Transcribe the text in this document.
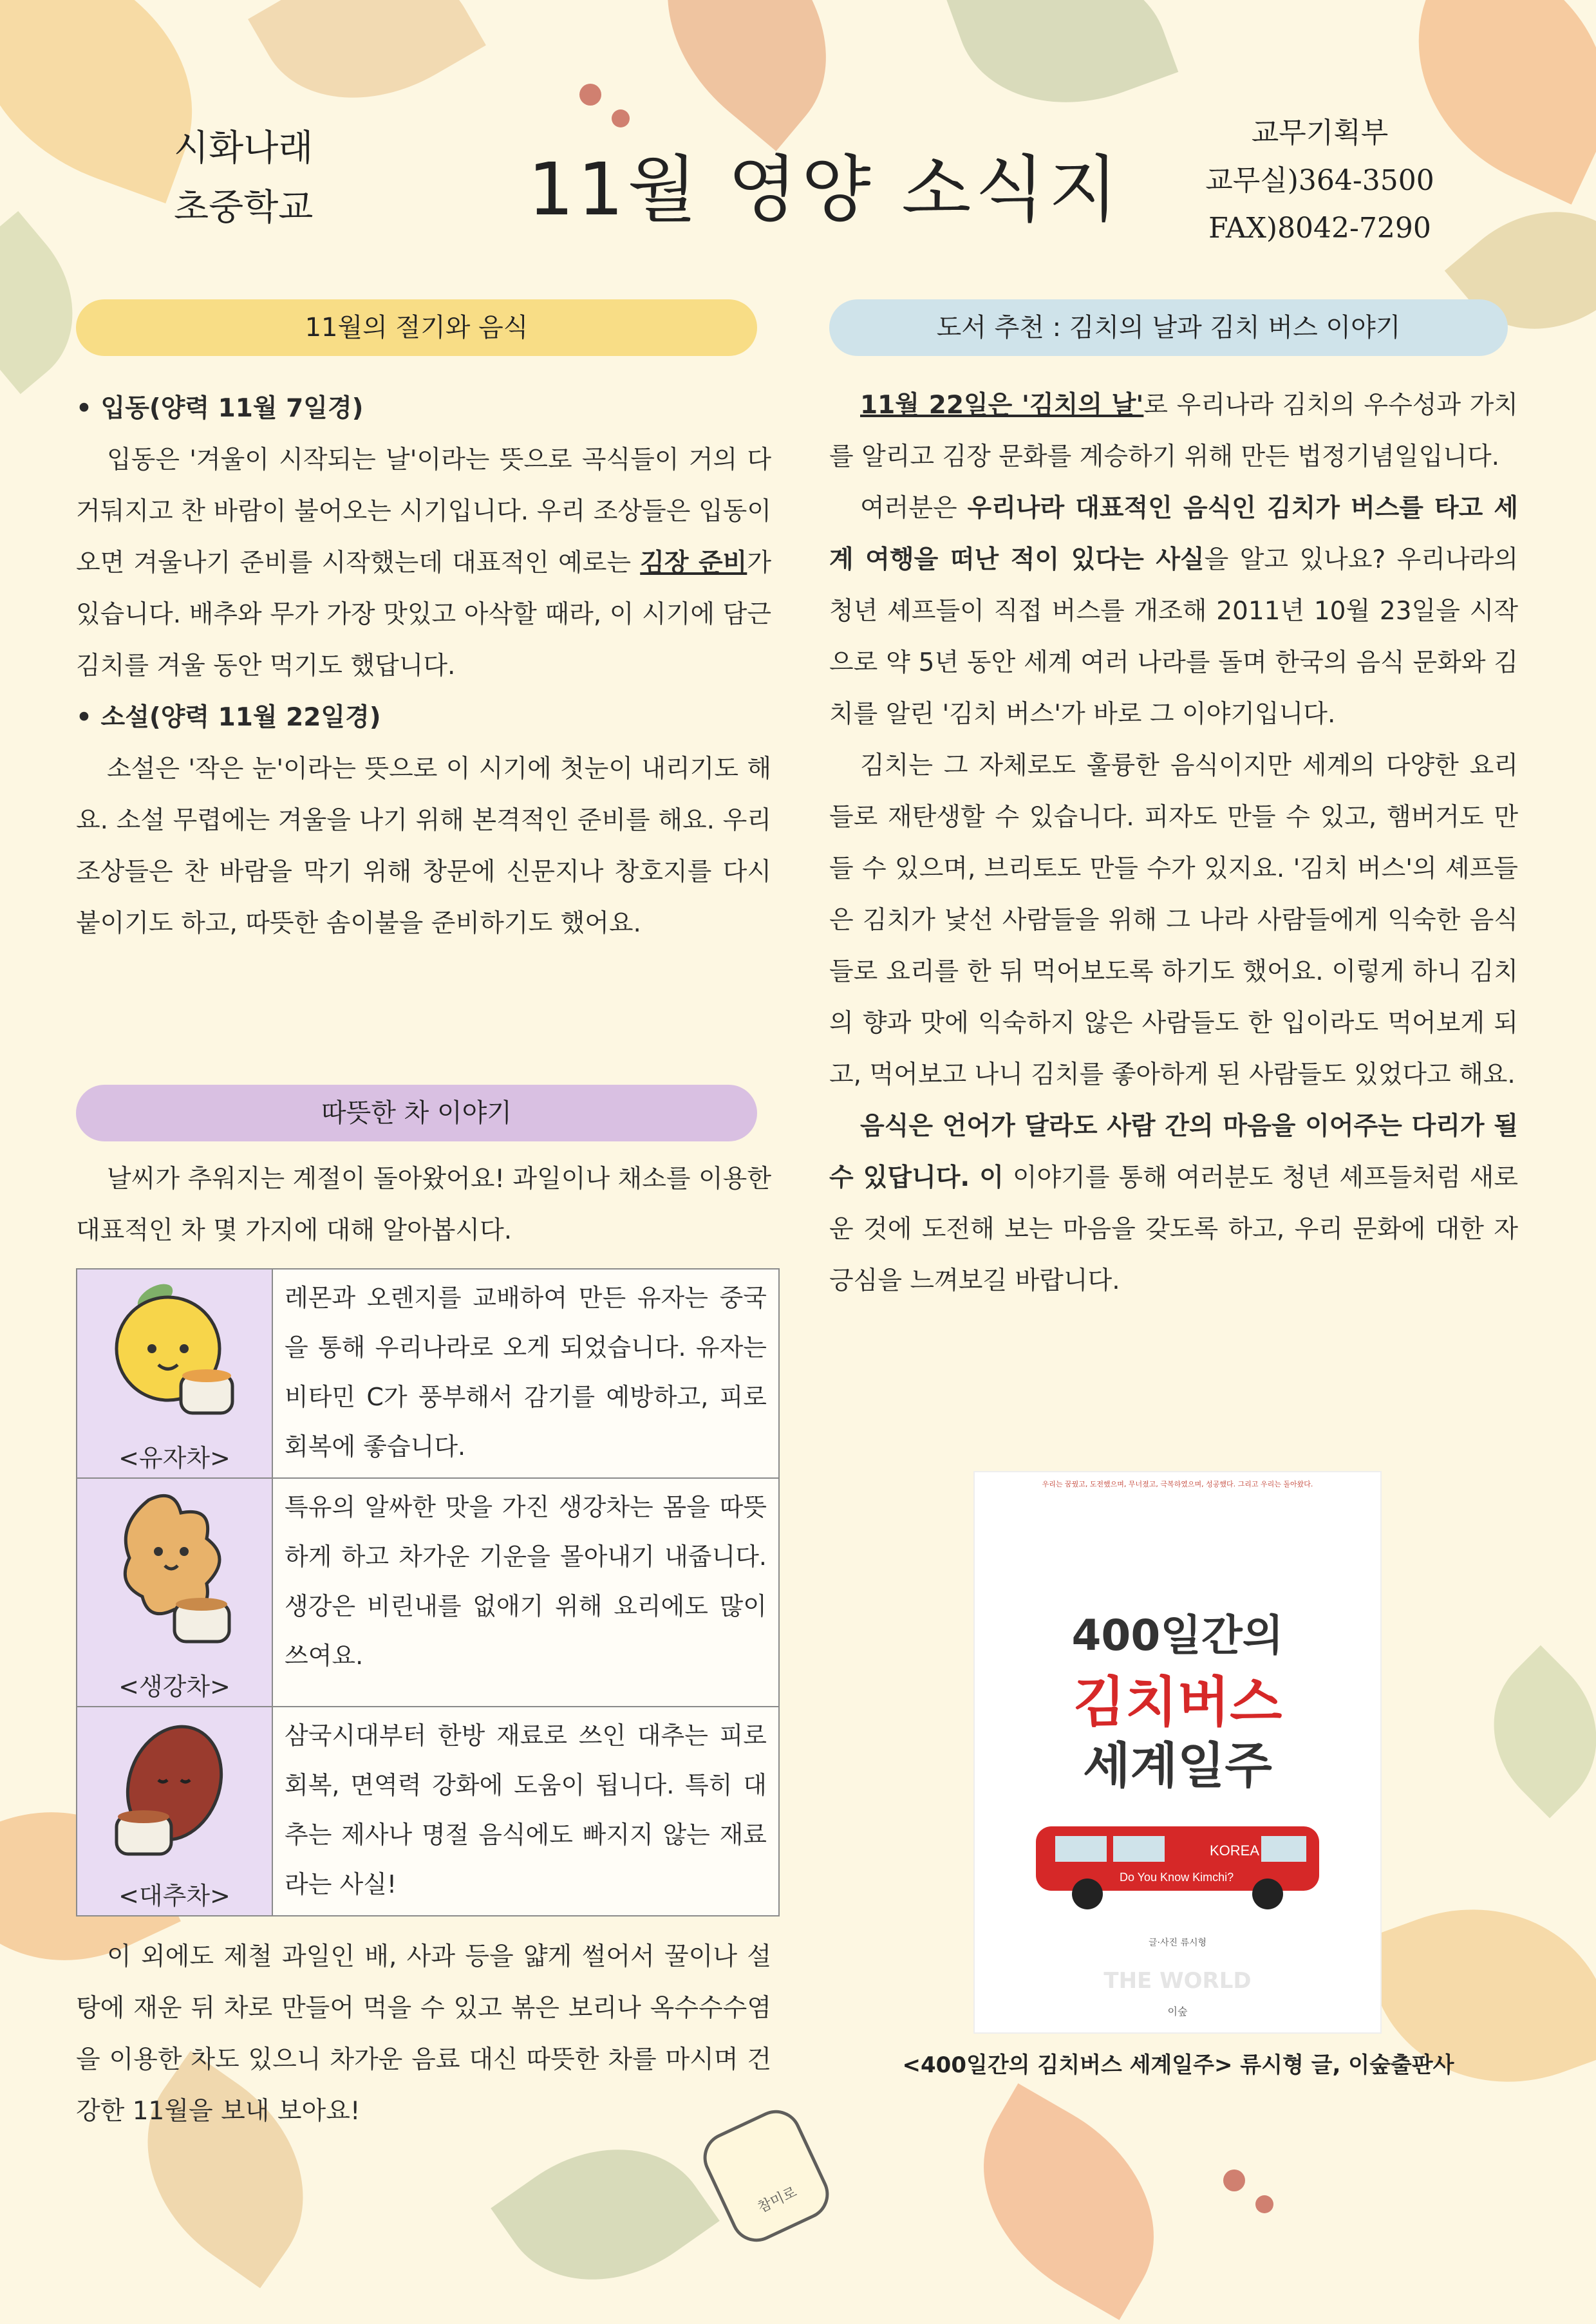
시화나래
초중학교	11월 영양 소식지
교무기획부
교무실)364-3500
FAX)8042-7290
11월의 절기와 음식
• 입동(양력 11월 7일경)

입동은 '겨울이 시작되는 날'이라는 뜻으로 곡식들이 거의 다 거둬지고 찬 바람이 불어오는 시기입니다. 우리 조상들은 입동이 오면 겨울나기 준비를 시작했는데 대표적인 예로는 김장 준비가 있습니다. 배추와 무가 가장 맛있고 아삭할 때라, 이 시기에 담근 김치를 겨울 동안 먹기도 했답니다.

• 소설(양력 11월 22일경)

소설은 '작은 눈'이라는 뜻으로 이 시기에 첫눈이 내리기도 해요. 소설 무렵에는 겨울을 나기 위해 본격적인 준비를 해요. 우리 조상들은 찬 바람을 막기 위해 창문에 신문지나 창호지를 다시 붙이기도 하고, 따뜻한 솜이불을 준비하기도 했어요.

따뜻한 차 이야기

날씨가 추워지는 계절이 돌아왔어요! 과일이나 채소를 이용한 대표적인 차 몇 가지에 대해 알아봅시다.

<유자차>	레몬과 오렌지를 교배하여 만든 유자는 중국을 통해 우리나라로 오게 되었습니다. 유자는 비타민 C가 풍부해서 감기를 예방하고, 피로 회복에 좋습니다.

<생강차>	특유의 알싸한 맛을 가진 생강차는 몸을 따뜻하게 하고 차가운 기운을 몰아내기 내줍니다. 생강은 비린내를 없애기 위해 요리에도 많이 쓰여요.

<대추차>	삼국시대부터 한방 재료로 쓰인 대추는 피로 회복, 면역력 강화에 도움이 됩니다. 특히 대추는 제사나 명절 음식에도 빠지지 않는 재료라는 사실!

이 외에도 제철 과일인 배, 사과 등을 얇게 썰어서 꿀이나 설탕에 재운 뒤 차로 만들어 먹을 수 있고 볶은 보리나 옥수수수염을 이용한 차도 있으니 차가운 음료 대신 따뜻한 차를 마시며 건강한 11월을 보내 보아요!

도서 추천 : 김치의 날과 김치 버스 이야기

11월 22일은 '김치의 날'로 우리나라 김치의 우수성과 가치를 알리고 김장 문화를 계승하기 위해 만든 법정기념일입니다.

여러분은 우리나라 대표적인 음식인 김치가 버스를 타고 세계 여행을 떠난 적이 있다는 사실을 알고 있나요? 우리나라의 청년 셰프들이 직접 버스를 개조해 2011년 10월 23일을 시작으로 약 5년 동안 세계 여러 나라를 돌며 한국의 음식 문화와 김치를 알린 '김치 버스'가 바로 그 이야기입니다.

김치는 그 자체로도 훌륭한 음식이지만 세계의 다양한 요리들로 재탄생할 수 있습니다. 피자도 만들 수 있고, 햄버거도 만들 수 있으며, 브리토도 만들 수가 있지요. '김치 버스'의 셰프들은 김치가 낯선 사람들을 위해 그 나라 사람들에게 익숙한 음식들로 요리를 한 뒤 먹어보도록 하기도 했어요. 이렇게 하니 김치의 향과 맛에 익숙하지 않은 사람들도 한 입이라도 먹어보게 되고, 먹어보고 나니 김치를 좋아하게 된 사람들도 있었다고 해요.

음식은 언어가 달라도 사람 간의 마음을 이어주는 다리가 될 수 있답니다. 이 이야기를 통해 여러분도 청년 셰프들처럼 새로운 것에 도전해 보는 마음을 갖도록 하고, 우리 문화에 대한 자긍심을 느껴보길 바랍니다.

우리는 꿈꿨고, 도전했으며, 무너졌고, 극복하였으며, 성공했다. 그리고 우리는 돌아왔다.
400일간의
김치버스
세계일주
Do You Know Kimchi?
KOREA
글·사진 류시형
THE WORLD
이숲
<400일간의 김치버스 세계일주> 류시형 글, 이숲출판사
참미로
